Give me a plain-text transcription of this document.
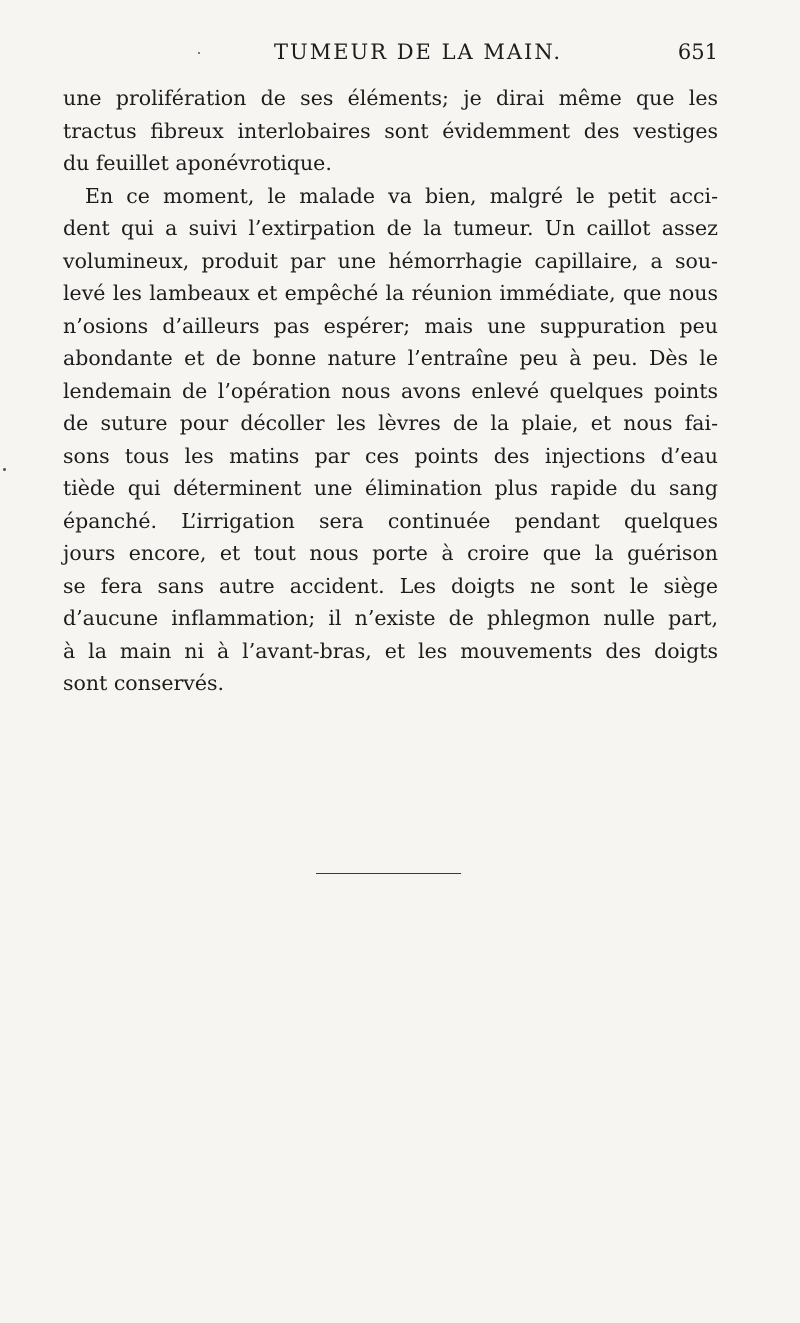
TUMEUR DE LA MAIN.	651
une prolifération de ses éléments; je dirai même que les
tractus fibreux interlobaires sont évidemment des vestiges
du feuillet aponévrotique.
En ce moment, le malade va bien, malgré le petit acci-
dent qui a suivi l’extirpation de la tumeur. Un caillot assez
volumineux, produit par une hémorrhagie capillaire, a sou-
levé les lambeaux et empêché la réunion immédiate, que nous
n’osions d’ailleurs pas espérer; mais une suppuration peu
abondante et de bonne nature l’entraîne peu à peu. Dès le
lendemain de l’opération nous avons enlevé quelques points
de suture pour décoller les lèvres de la plaie, et nous fai-
sons tous les matins par ces points des injections d’eau
tiède qui déterminent une élimination plus rapide du sang
épanché. L’irrigation sera continuée pendant quelques
jours encore, et tout nous porte à croire que la guérison
se fera sans autre accident. Les doigts ne sont le siège
d’aucune inflammation; il n’existe de phlegmon nulle part,
à la main ni à l’avant-bras, et les mouvements des doigts
sont conservés.
